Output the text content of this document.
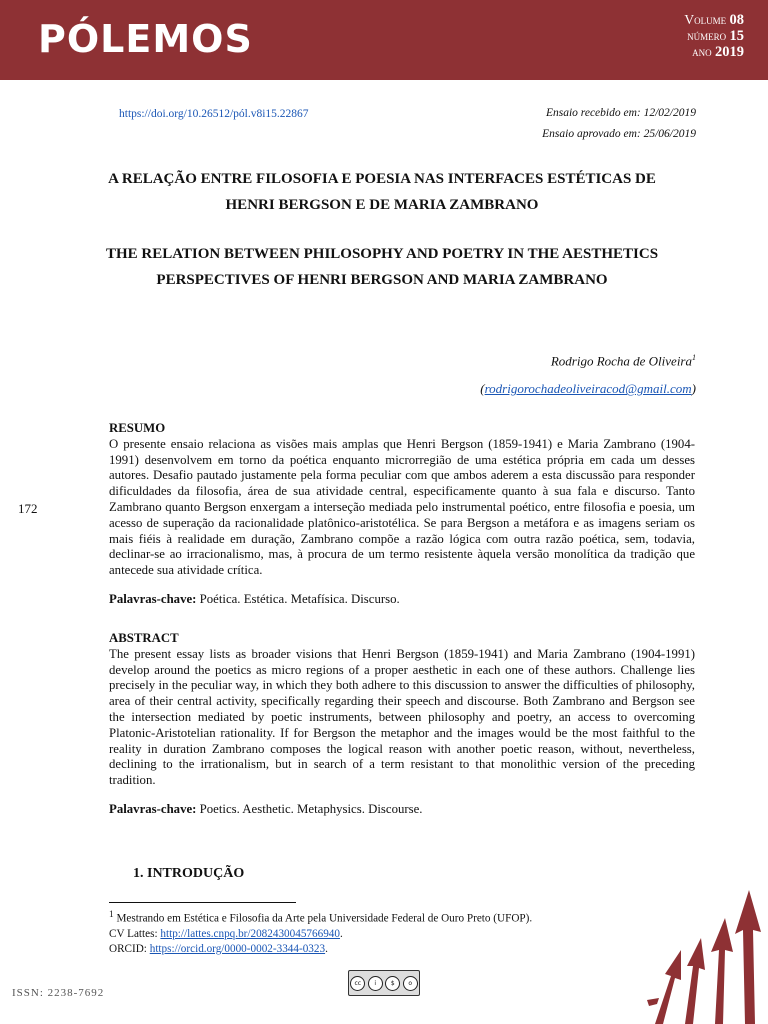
PÓLEMOS	Volume 08
número 15
ano 2019
https://doi.org/10.26512/pól.v8i15.22867	Ensaio recebido em: 12/02/2019
Ensaio aprovado em: 25/06/2019
A RELAÇÃO ENTRE FILOSOFIA E POESIA NAS INTERFACES ESTÉTICAS DE
HENRI BERGSON E DE MARIA ZAMBRANO
THE RELATION BETWEEN PHILOSOPHY AND POETRY IN THE AESTHETICS
PERSPECTIVES OF HENRI BERGSON AND MARIA ZAMBRANO
Rodrigo Rocha de Oliveira$^1$
(rodrigorochadeoliveiracod@gmail.com)
172
RESUMO
O presente ensaio relaciona as visões mais amplas que Henri Bergson (1859-1941) e Maria Zambrano (1904-1991) desenvolvem em torno da poética enquanto microrregião de uma estética própria em cada um desses autores. Desafio pautado justamente pela forma peculiar com que ambos aderem a esta discussão para responder dificuldades da filosofia, área de sua atividade central, especificamente quanto à sua fala e discurso. Tanto Zambrano quanto Bergson enxergam a interseção mediada pelo instrumental poético, entre filosofia e poesia, um acesso de superação da racionalidade platônico-aristotélica. Se para Bergson a metáfora e as imagens seriam os mais fiéis à realidade em duração, Zambrano compõe a razão lógica com outra razão poética, sem, todavia, declinar-se ao irracionalismo, mas, à procura de um termo resistente àquela versão monolítica da tradição que antecede sua atividade crítica.
Palavras-chave: Poética. Estética. Metafísica. Discurso.
ABSTRACT
The present essay lists as broader visions that Henri Bergson (1859-1941) and Maria Zambrano (1904-1991) develop around the poetics as micro regions of a proper aesthetic in each one of these authors. Challenge lies precisely in the peculiar way, in which they both adhere to this discussion to answer the difficulties of philosophy, area of their central activity, specifically regarding their speech and discourse. Both Zambrano and Bergson see the intersection mediated by poetic instruments, between philosophy and poetry, an access to overcoming Platonic-Aristotelian rationality. If for Bergson the metaphor and the images would be the most faithful to the reality in duration Zambrano composes the logical reason with another poetic reason, without, nevertheless, declining to the irrationalism, but in search of a term resistant to that monolithic version of the preceding tradition.
Palavras-chave: Poetics. Aesthetic. Metaphysics. Discourse.
1. INTRODUÇÃO
$^1$ Mestrando em Estética e Filosofia da Arte pela Universidade Federal de Ouro Preto (UFOP).
CV Lattes: http://lattes.cnpq.br/2082430045766940.
ORCID: https://orcid.org/0000-0002-3344-0323.
ISSN: 2238-7692
cc	i	$	o
